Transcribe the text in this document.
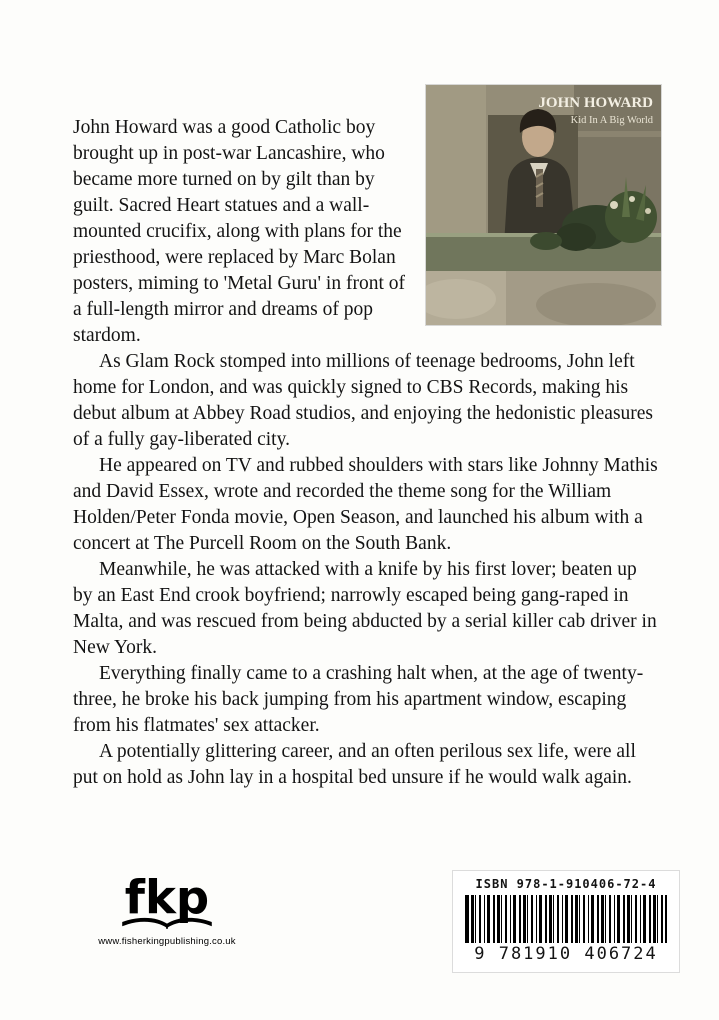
JOHN HOWARD
Kid In A Big World

John Howard was a good Catholic boy brought up in post-war Lancashire, who became more turned on by gilt than by guilt. Sacred Heart statues and a wall-mounted crucifix, along with plans for the priesthood, were replaced by Marc Bolan posters, miming to 'Metal Guru' in front of a full-length mirror and dreams of pop stardom.

As Glam Rock stomped into millions of teenage bedrooms, John left home for London, and was quickly signed to CBS Records, making his debut album at Abbey Road studios, and enjoying the hedonistic pleasures of a fully gay-liberated city.

He appeared on TV and rubbed shoulders with stars like Johnny Mathis and David Essex, wrote and recorded the theme song for the William Holden/Peter Fonda movie, Open Season, and launched his album with a concert at The Purcell Room on the South Bank.

Meanwhile, he was attacked with a knife by his first lover; beaten up by an East End crook boyfriend; narrowly escaped being gang-raped in Malta, and was rescued from being abducted by a serial killer cab driver in New York.

Everything finally came to a crashing halt when, at the age of twenty-three, he broke his back jumping from his apartment window, escaping from his flatmates' sex attacker.

A potentially glittering career, and an often perilous sex life, were all put on hold as John lay in a hospital bed unsure if he would walk again.

fkp
www.fisherkingpublishing.co.uk
ISBN 978-1-910406-72-4
9 781910 406724
